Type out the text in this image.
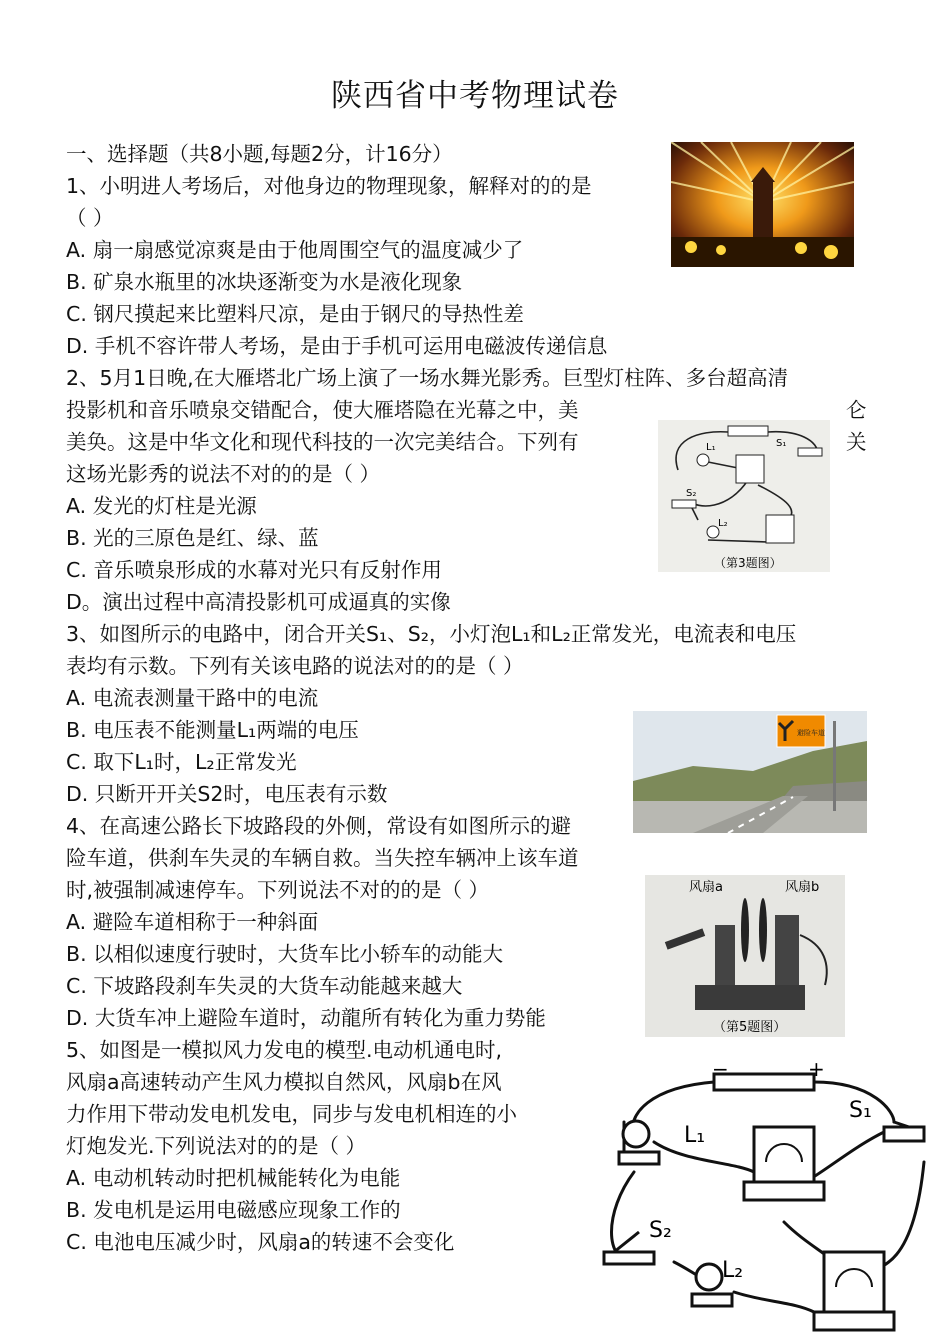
陕西省中考物理试卷
一、选择题（共8小题,每题2分，计16分）
1、小明进人考场后，对他身边的物理现象，解释对的的是
（ ）
A. 扇一扇感觉凉爽是由于他周围空气的温度减少了
B. 矿泉水瓶里的冰块逐渐变为水是液化现象
C. 钢尺摸起来比塑料尺凉，是由于钢尺的导热性差
D. 手机不容许带人考场，是由于手机可运用电磁波传递信息
2、5月1日晚,在大雁塔北广场上演了一场水舞光影秀。巨型灯柱阵、多台超高清
投影机和音乐喷泉交错配合，使大雁塔隐在光幕之中，美	仑
美奂。这是中华文化和现代科技的一次完美结合。下列有	关
这场光影秀的说法不对的的是（ ）
A. 发光的灯柱是光源
B. 光的三原色是红、绿、蓝
C. 音乐喷泉形成的水幕对光只有反射作用
D。演出过程中高清投影机可成逼真的实像
3、如图所示的电路中，闭合开关S₁、S₂，小灯泡L₁和L₂正常发光，电流表和电压
表均有示数。下列有关该电路的说法对的的是（ ）
A. 电流表测量干路中的电流
B. 电压表不能测量L₁两端的电压
C. 取下L₁时，L₂正常发光
D. 只断开开关S2时，电压表有示数
4、在高速公路长下坡路段的外侧，常设有如图所示的避
险车道，供刹车失灵的车辆自救。当失控车辆冲上该车道
时,被强制减速停车。下列说法不对的的是（ ）
A. 避险车道相称于一种斜面
B. 以相似速度行驶时，大货车比小轿车的动能大
C. 下坡路段刹车失灵的大货车动能越来越大
D. 大货车冲上避险车道时，动龍所有转化为重力势能
5、如图是一模拟风力发电的模型.电动机通电时,
风扇a高速转动产生风力模拟自然风，风扇b在风
力作用下带动发电机发电，同步与发电机相连的小
灯炮发光.下列说法对的的是（ ）
A. 电动机转动时把机械能转化为电能
B. 发电机是运用电磁感应现象工作的
C. 电池电压减少时，风扇a的转速不会变化
S₁
L₁
S₂
L₂
（第3题图）
避险车道
风扇a	风扇b
（第5题图）
−	+
S₁
L₁
S₂
L₂
